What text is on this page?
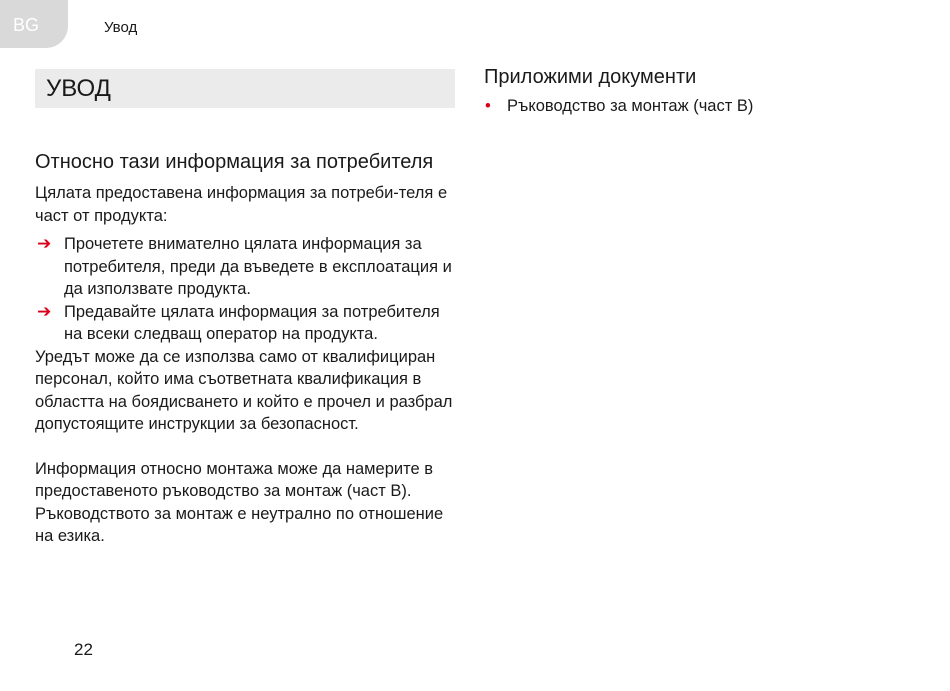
BG	Увод
УВОД
Относно тази информация за потребителя

Цялата предоставена информация за потреби-теля е част от продукта:

➔ Прочетете внимателно цялата информация за потребителя, преди да въведете в експлоатация и да използвате продукта.
➔ Предавайте цялата информация за потребителя на всеки следващ оператор на продукта.

Уредът може да се използва само от квалифициран персонал, който има съответната квалификация в областта на боядисването и който е прочел и разбрал допустоящите инструкции за безопасност.

Информация относно монтажа може да намерите в предоставеното ръководство за монтаж (част B). Ръководството за монтаж е неутрално по отношение на езика.

Приложими документи
• Ръководство за монтаж (част B)
22
